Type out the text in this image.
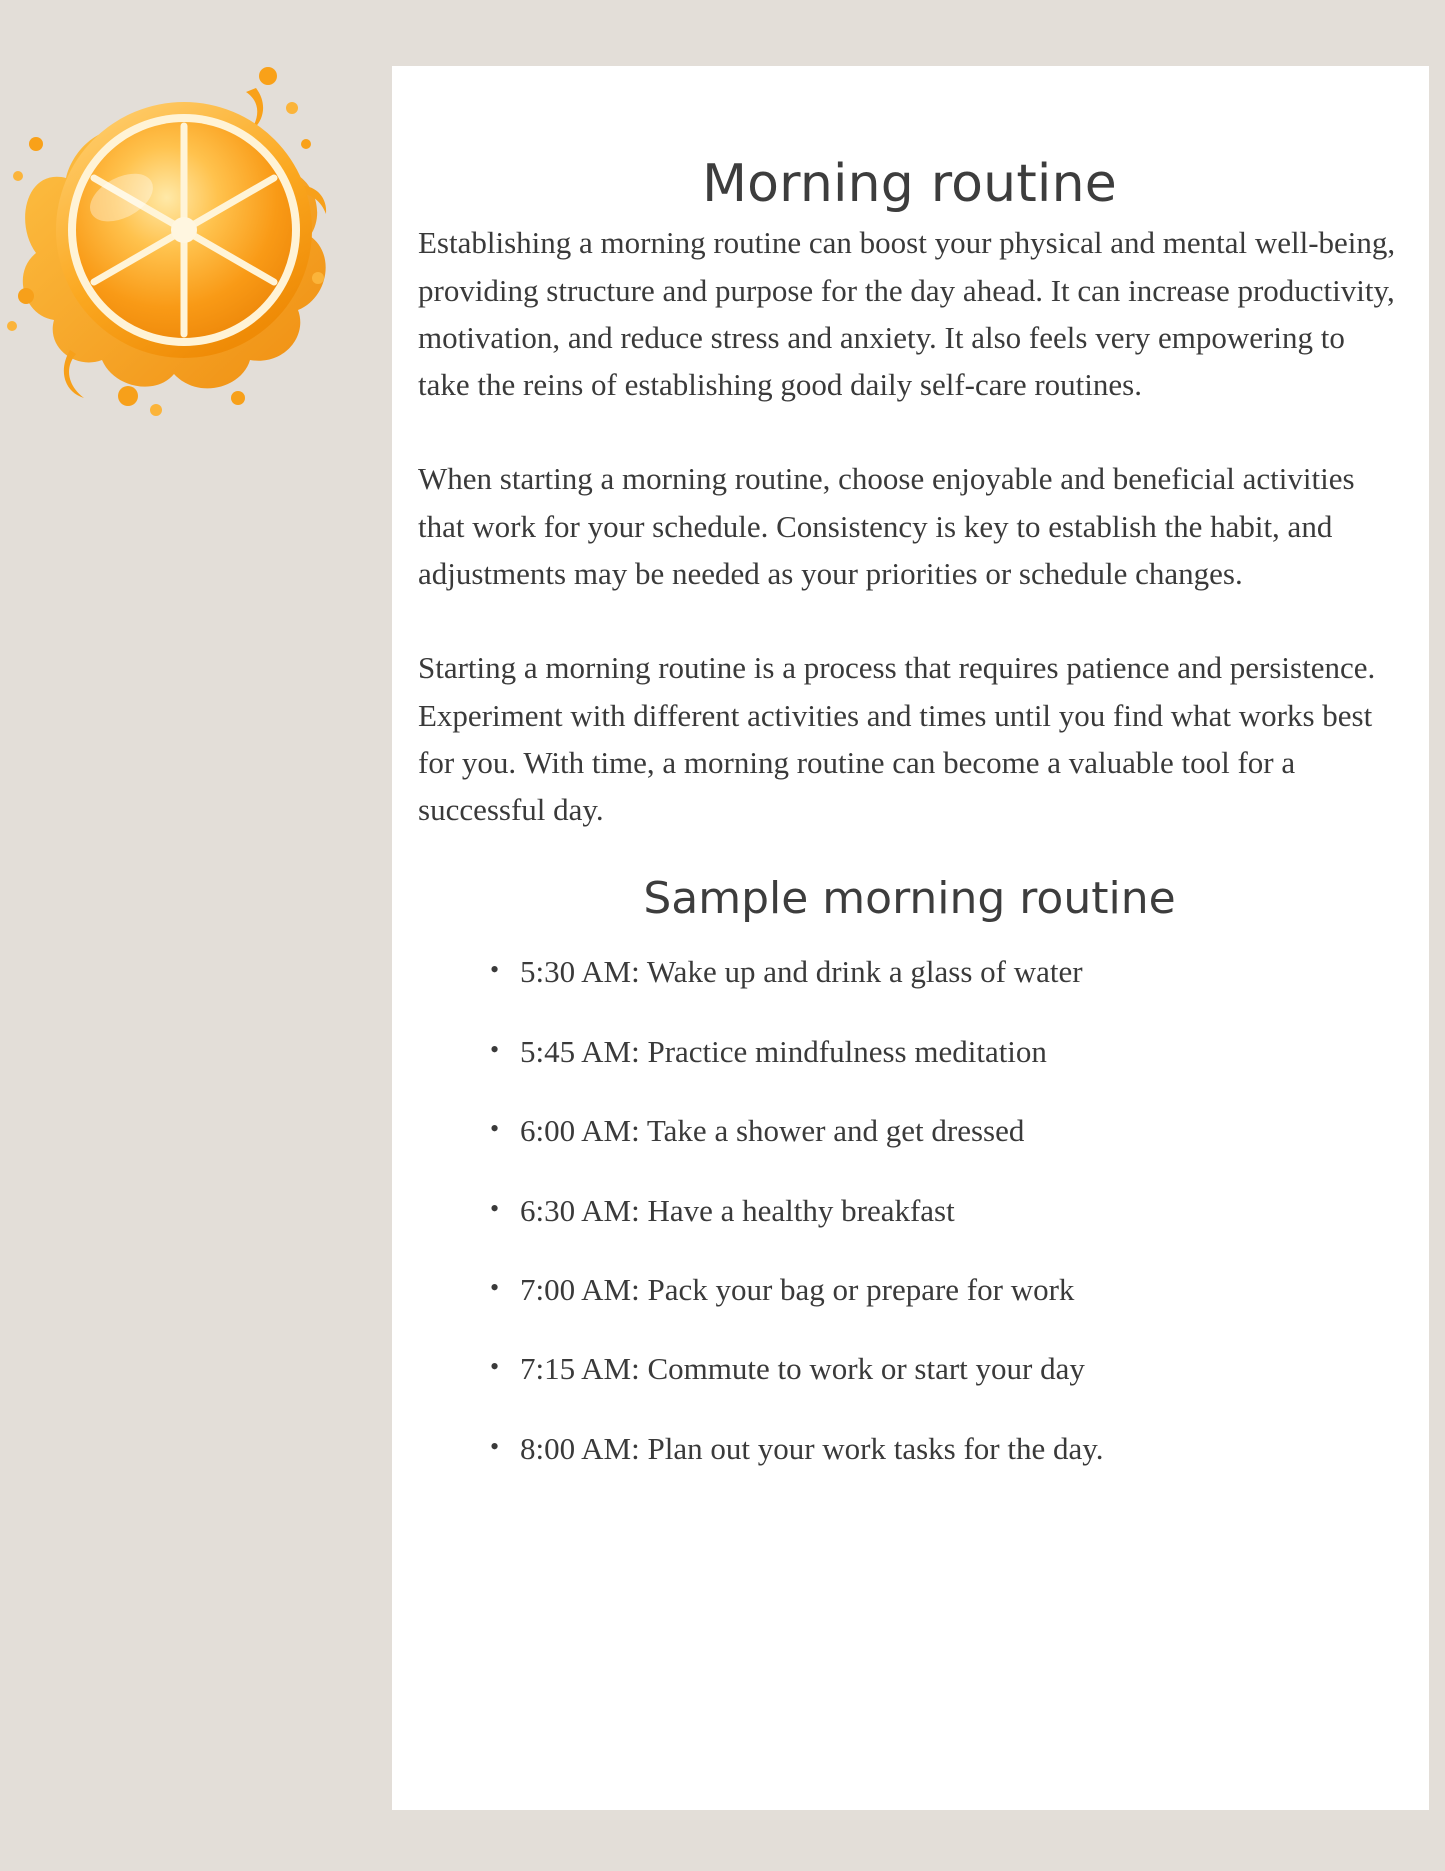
Morning routine

Establishing a morning routine can boost your physical and mental well-being, providing structure and purpose for the day ahead. It can increase productivity, motivation, and reduce stress and anxiety. It also feels very empowering to take the reins of establishing good daily self-care routines.

When starting a morning routine, choose enjoyable and beneficial activities that work for your schedule. Consistency is key to establish the habit, and adjustments may be needed as your priorities or schedule changes.

Starting a morning routine is a process that requires patience and persistence. Experiment with different activities and times until you find what works best for you. With time, a morning routine can become a valuable tool for a successful day.

Sample morning routine
• 5:30 AM: Wake up and drink a glass of water
• 5:45 AM: Practice mindfulness meditation
• 6:00 AM: Take a shower and get dressed
• 6:30 AM: Have a healthy breakfast
• 7:00 AM: Pack your bag or prepare for work
• 7:15 AM: Commute to work or start your day
• 8:00 AM: Plan out your work tasks for the day.
